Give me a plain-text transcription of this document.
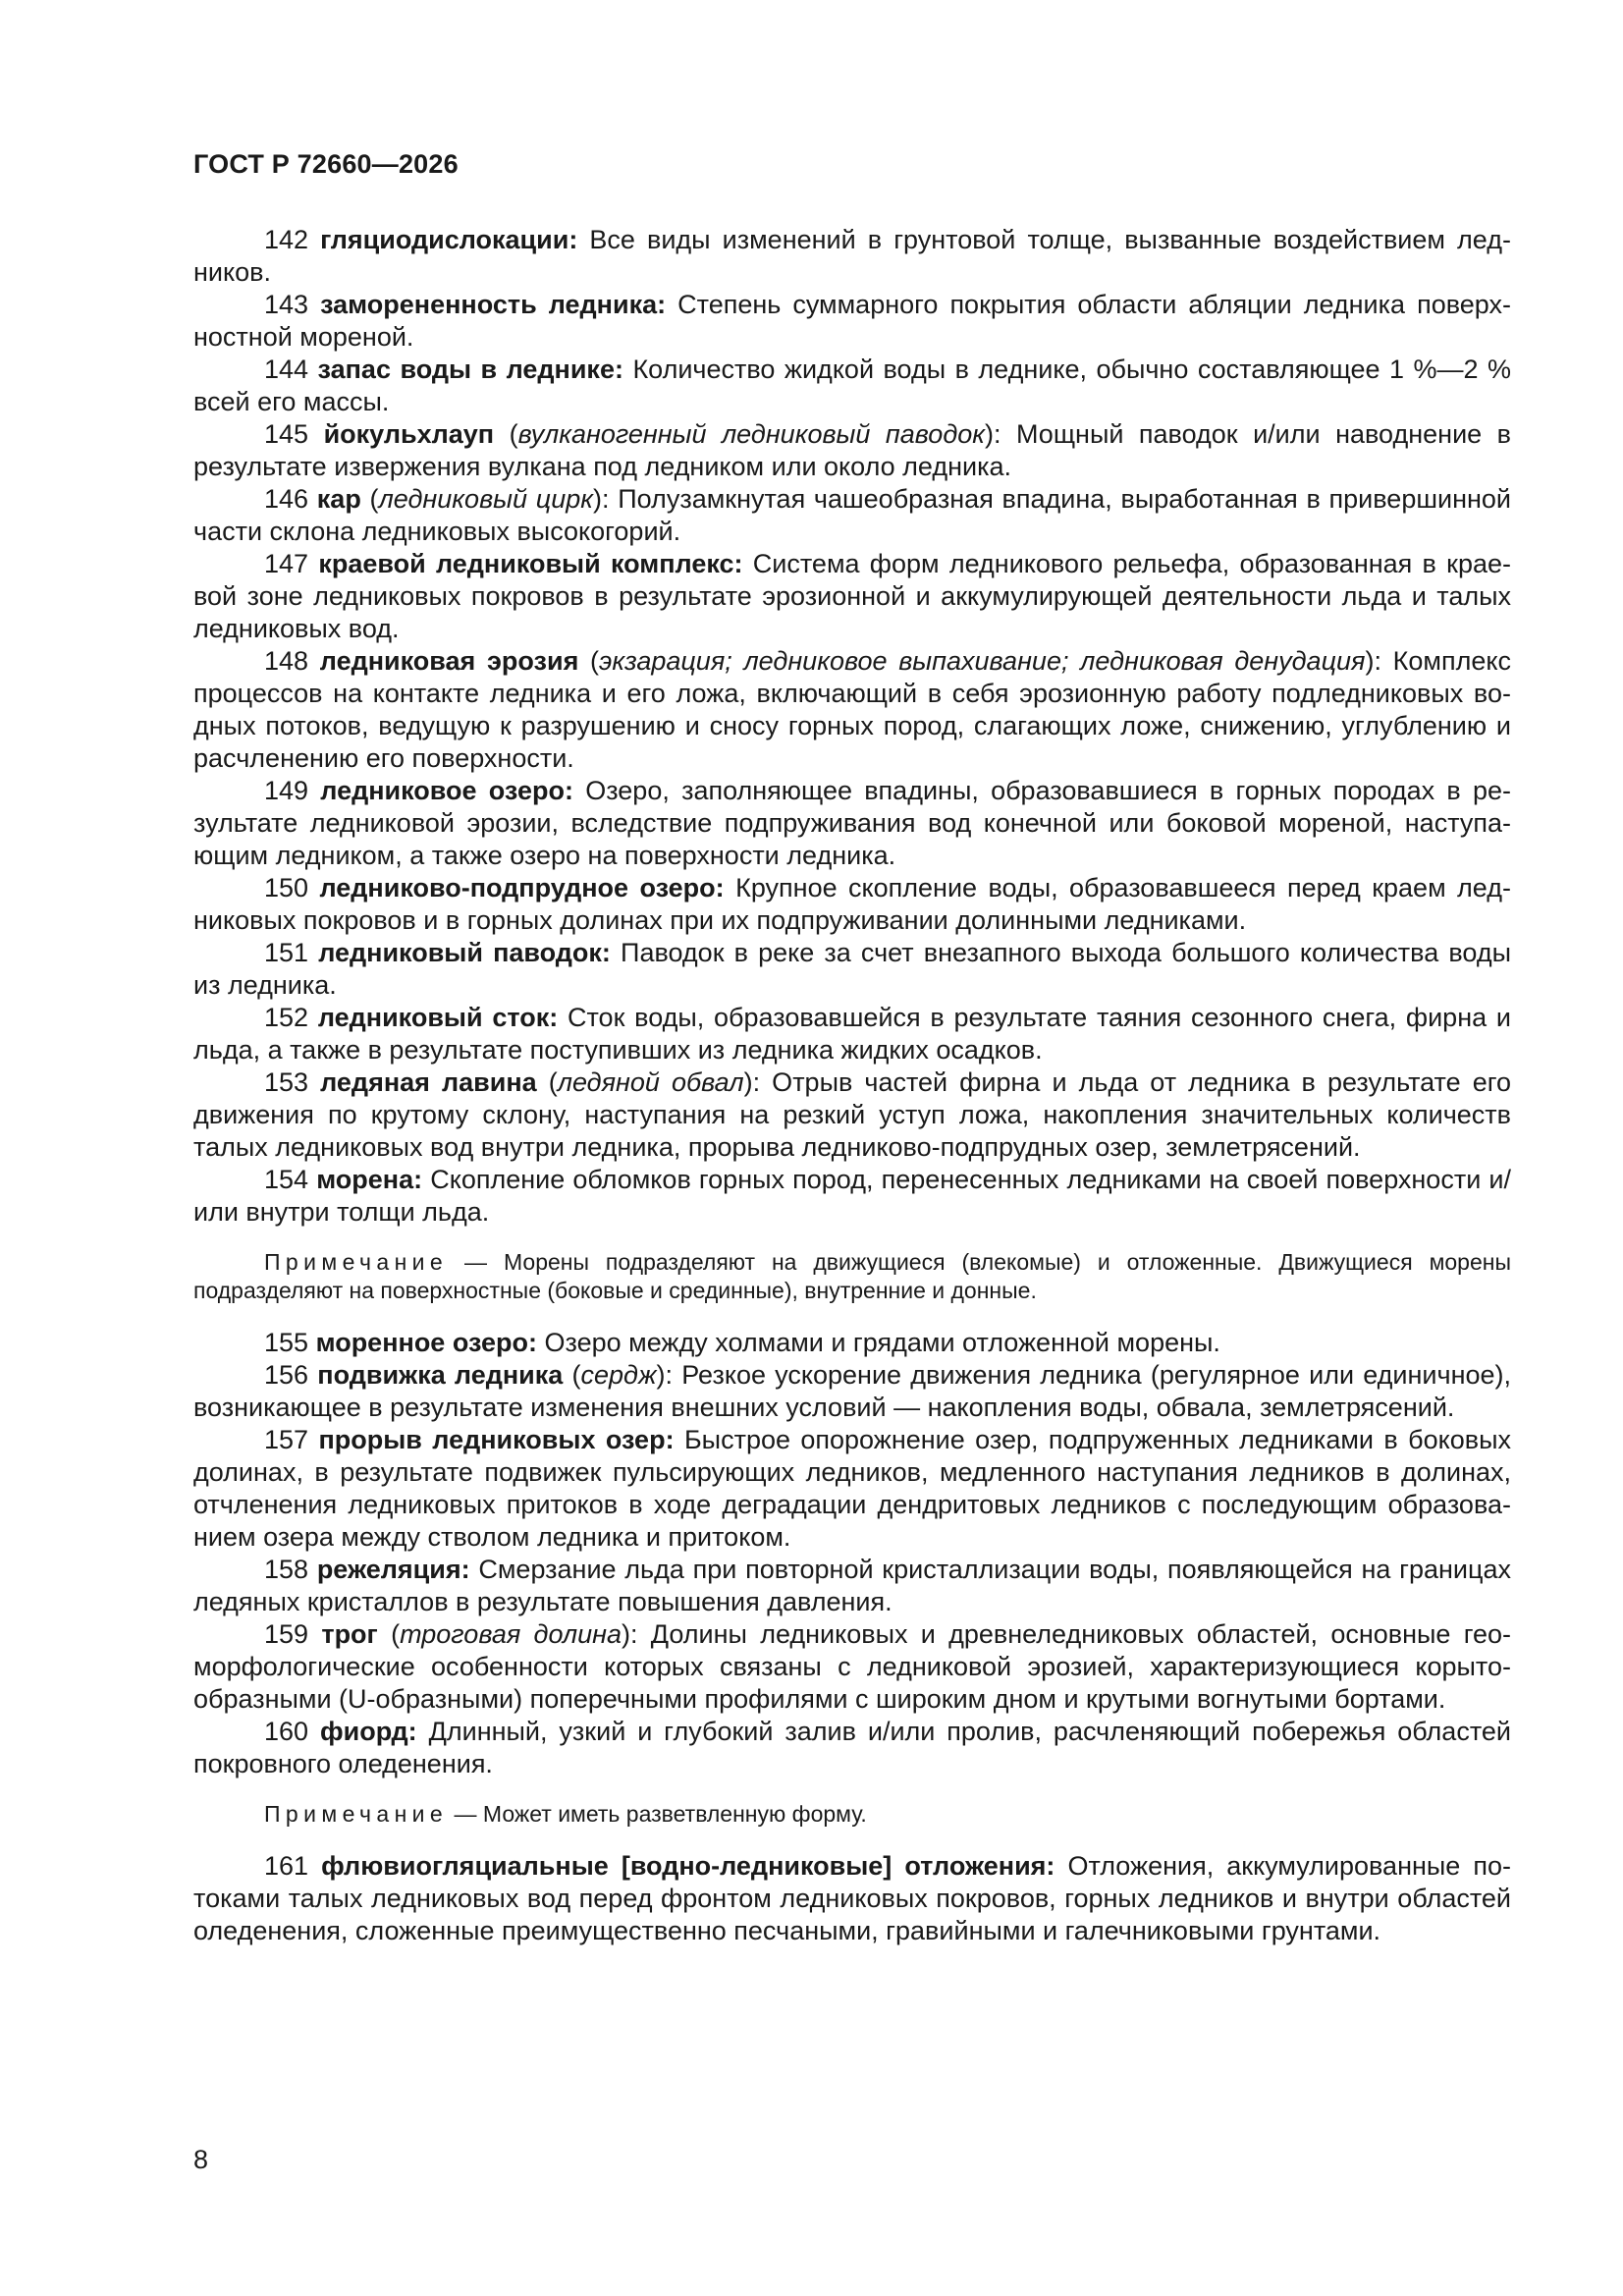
ГОСТ Р 72660—2026

142 гляциодислокации: Все виды изменений в грунтовой толще, вызванные воздействием ледников.

143 заморененность ледника: Степень суммарного покрытия области абляции ледника поверхностной мореной.

144 запас воды в леднике: Количество жидкой воды в леднике, обычно составляющее 1 %—2 % всей его массы.

145 йокульхлауп (вулканогенный ледниковый паводок): Мощный паводок и/или наводнение в результате извержения вулкана под ледником или около ледника.

146 кар (ледниковый цирк): Полузамкнутая чашеобразная впадина, выработанная в привершинной части склона ледниковых высокогорий.

147 краевой ледниковый комплекс: Система форм ледникового рельефа, образованная в краевой зоне ледниковых покровов в результате эрозионной и аккумулирующей деятельности льда и талых ледниковых вод.

148 ледниковая эрозия (экзарация; ледниковое выпахивание; ледниковая денудация): Комплекс процессов на контакте ледника и его ложа, включающий в себя эрозионную работу подледниковых водных потоков, ведущую к разрушению и сносу горных пород, слагающих ложе, снижению, углублению и расчленению его поверхности.

149 ледниковое озеро: Озеро, заполняющее впадины, образовавшиеся в горных породах в результате ледниковой эрозии, вследствие подпруживания вод конечной или боковой мореной, наступающим ледником, а также озеро на поверхности ледника.

150 ледниково-подпрудное озеро: Крупное скопление воды, образовавшееся перед краем ледниковых покровов и в горных долинах при их подпруживании долинными ледниками.

151 ледниковый паводок: Паводок в реке за счет внезапного выхода большого количества воды из ледника.

152 ледниковый сток: Сток воды, образовавшейся в результате таяния сезонного снега, фирна и льда, а также в результате поступивших из ледника жидких осадков.

153 ледяная лавина (ледяной обвал): Отрыв частей фирна и льда от ледника в результате его движения по крутому склону, наступания на резкий уступ ложа, накопления значительных количеств талых ледниковых вод внутри ледника, прорыва ледниково-подпрудных озер, землетрясений.

154 морена: Скопление обломков горных пород, перенесенных ледниками на своей поверхности и/или внутри толщи льда.

Примечание — Морены подразделяют на движущиеся (влекомые) и отложенные. Движущиеся морены подразделяют на поверхностные (боковые и срединные), внутренние и донные.

155 моренное озеро: Озеро между холмами и грядами отложенной морены.

156 подвижка ледника (сердж): Резкое ускорение движения ледника (регулярное или единичное), возникающее в результате изменения внешних условий — накопления воды, обвала, землетрясений.

157 прорыв ледниковых озер: Быстрое опорожнение озер, подпруженных ледниками в боковых долинах, в результате подвижек пульсирующих ледников, медленного наступания ледников в долинах, отчленения ледниковых притоков в ходе деградации дендритовых ледников с последующим образованием озера между стволом ледника и притоком.

158 режеляция: Смерзание льда при повторной кристаллизации воды, появляющейся на границах ледяных кристаллов в результате повышения давления.

159 трог (троговая долина): Долины ледниковых и древнеледниковых областей, основные геоморфологические особенности которых связаны с ледниковой эрозией, характеризующиеся корытообразными (U-образными) поперечными профилями с широким дном и крутыми вогнутыми бортами.

160 фиорд: Длинный, узкий и глубокий залив и/или пролив, расчленяющий побережья областей покровного оледенения.

Примечание — Может иметь разветвленную форму.

161 флювиогляциальные [водно-ледниковые] отложения: Отложения, аккумулированные потоками талых ледниковых вод перед фронтом ледниковых покровов, горных ледников и внутри областей оледенения, сложенные преимущественно песчаными, гравийными и галечниковыми грунтами.

8
